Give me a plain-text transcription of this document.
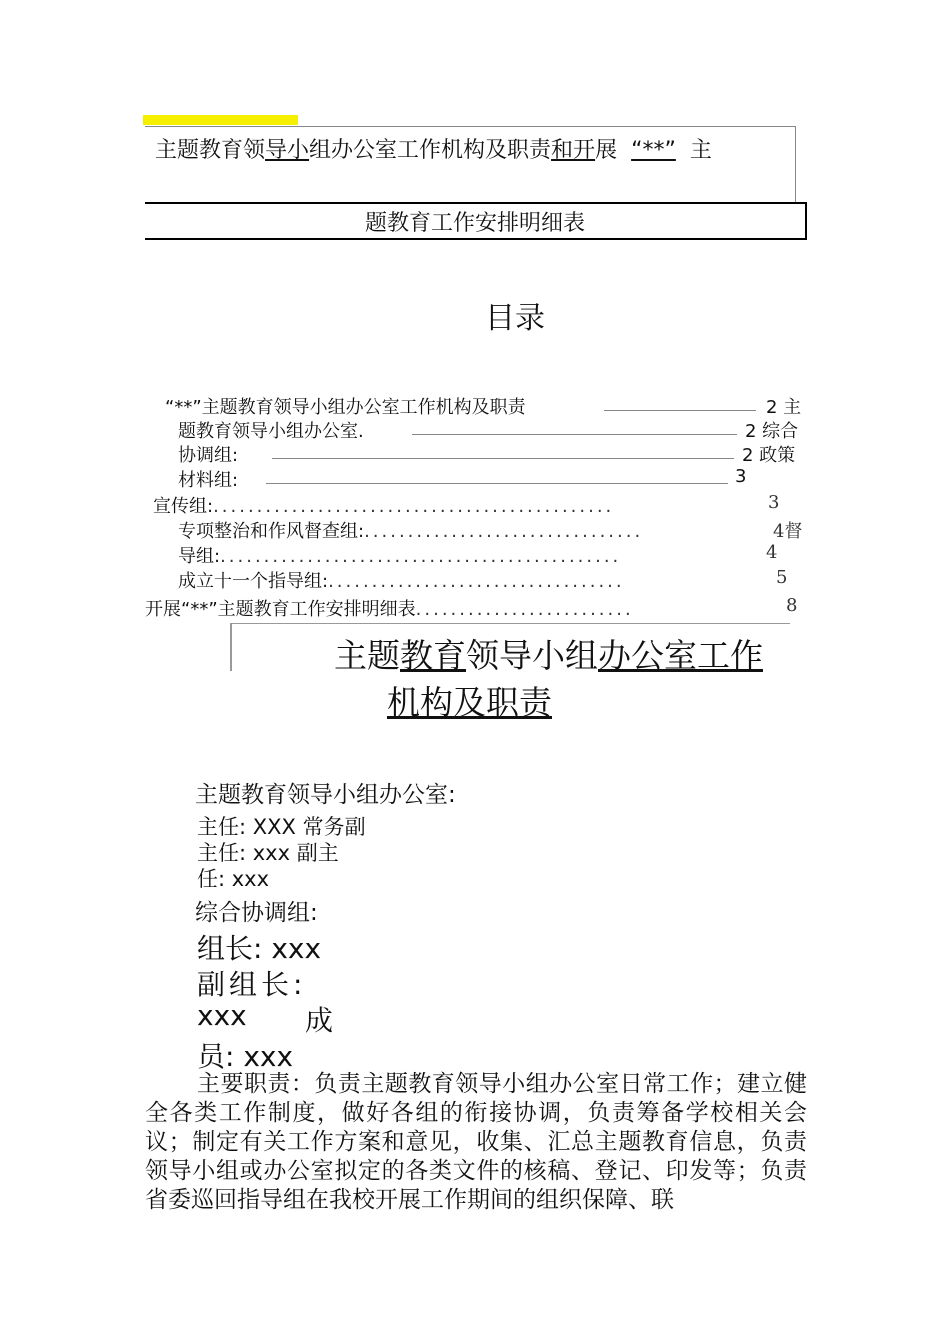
主题教育领导小组办公室工作机构及职责和开展 “**” 主
题教育工作安排明细表
目录
“**”主题教育领导小组办公室工作机构及职责	2 主
题教育领导小组办公室.	2 综合
协调组:	2 政策
材料组:	3
宣传组:..............................................	3
专项整治和作风督查组:................................	4督
导组:..............................................	4
成立十一个指导组:..................................	5
开展“**”主题教育工作安排明细表.........................	8
主题教育领导小组办公室工作
机构及职责
主题教育领导小组办公室:
主任: XXX 常务副
主任: xxx 副主
任: xxx
综合协调组:
组长: xxx
副组长:
xxx 成
员: xxx
主要职责：负责主题教育领导小组办公室日常工作；建立健全各类工作制度，做好各组的衔接协调，负责筹备学校相关会议；制定有关工作方案和意见，收集、汇总主题教育信息，负责领导小组或办公室拟定的各类文件的核稿、登记、印发等；负责省委巡回指导组在我校开展工作期间的组织保障、联
